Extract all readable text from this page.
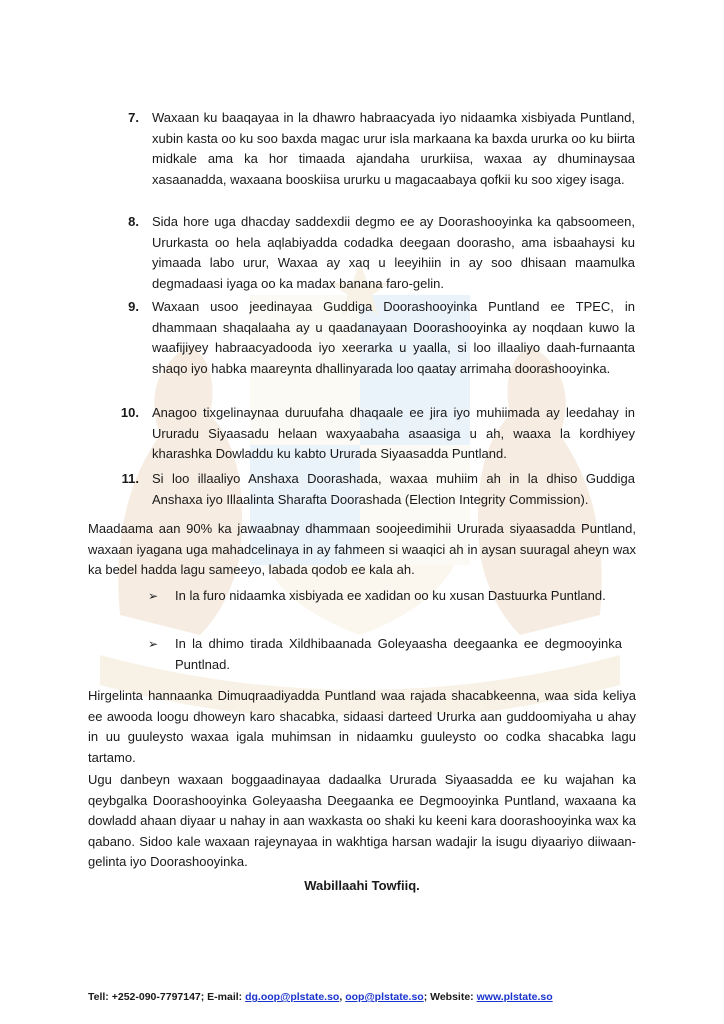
7. Waxaan ku baaqayaa in la dhawro habraacyada iyo nidaamka xisbiyada Puntland, xubin kasta oo ku soo baxda magac urur isla markaana ka baxda ururka oo ku biirta midkale ama ka hor timaada ajandaha ururkiisa, waxaa ay dhuminaysaa xasaanadda, waxaana booskiisa ururku u magacaabaya qofkii ku soo xigey isaga.
8. Sida hore uga dhacday saddexdii degmo ee ay Doorashooyinka ka qabsoomeen, Ururkasta oo hela aqlabiyadda codadka deegaan doorasho, ama isbaahaysi ku yimaada labo urur, Waxaa ay xaq u leeyihiin in ay soo dhisaan maamulka degmadaasi iyaga oo ka madax banana faro-gelin.
9. Waxaan usoo jeedinayaa Guddiga Doorashooyinka Puntland ee TPEC, in dhammaan shaqalaaha ay u qaadanayaan Doorashooyinka ay noqdaan kuwo la waafijiyey habraacyadooda iyo xeerarka u yaalla, si loo illaaliyo daah-furnaanta shaqo iyo habka maareynta dhallinyarada loo qaatay arrimaha doorashooyinka.
10. Anagoo tixgelinaynaa duruufaha dhaqaale ee jira iyo muhiimada ay leedahay in Ururadu Siyaasadu helaan waxyaabaha asaasiga u ah, waaxa la kordhiyey kharashka Dowladdu ku kabto Ururada Siyaasadda Puntland.
11. Si loo illaaliyo Anshaxa Doorashada, waxaa muhiim ah in la dhiso Guddiga Anshaxa iyo Illaalinta Sharafta Doorashada (Election Integrity Commission).
Maadaama aan 90% ka jawaabnay dhammaan soojeedimihii Ururada siyaasadda Puntland, waxaan iyagana uga mahadcelinaya in ay fahmeen si waaqici ah in aysan suuragal aheyn wax ka bedel hadda lagu sameeyo, labada qodob ee kala ah.
➢	In la furo nidaamka xisbiyada ee xadidan oo ku xusan Dastuurka Puntland.
➢	In la dhimo tirada Xildhibaanada Goleyaasha deegaanka ee degmooyinka Puntlnad.
Hirgelinta hannaanka Dimuqraadiyadda Puntland waa rajada shacabkeenna, waa sida keliya ee awooda loogu dhoweyn karo shacabka, sidaasi darteed Ururka aan guddoomiyaha u ahay in uu guuleysto waxaa igala muhimsan in nidaamku guuleysto oo codka shacabka lagu tartamo.
Ugu danbeyn waxaan boggaadinayaa dadaalka Ururada Siyaasadda ee ku wajahan ka qeybgalka Doorashooyinka Goleyaasha Deegaanka ee Degmooyinka Puntland, waxaana ka dowladd ahaan diyaar u nahay in aan waxkasta oo shaki ku keeni kara doorashooyinka wax ka qabano. Sidoo kale waxaan rajeynayaa in wakhtiga harsan wadajir la isugu diyaariyo diiwaan-gelinta iyo Doorashooyinka.
Wabillaahi Towfiiq.
Tell: +252-090-7797147; E-mail: dg.oop@plstate.so, oop@plstate.so; Website: www.plstate.so
